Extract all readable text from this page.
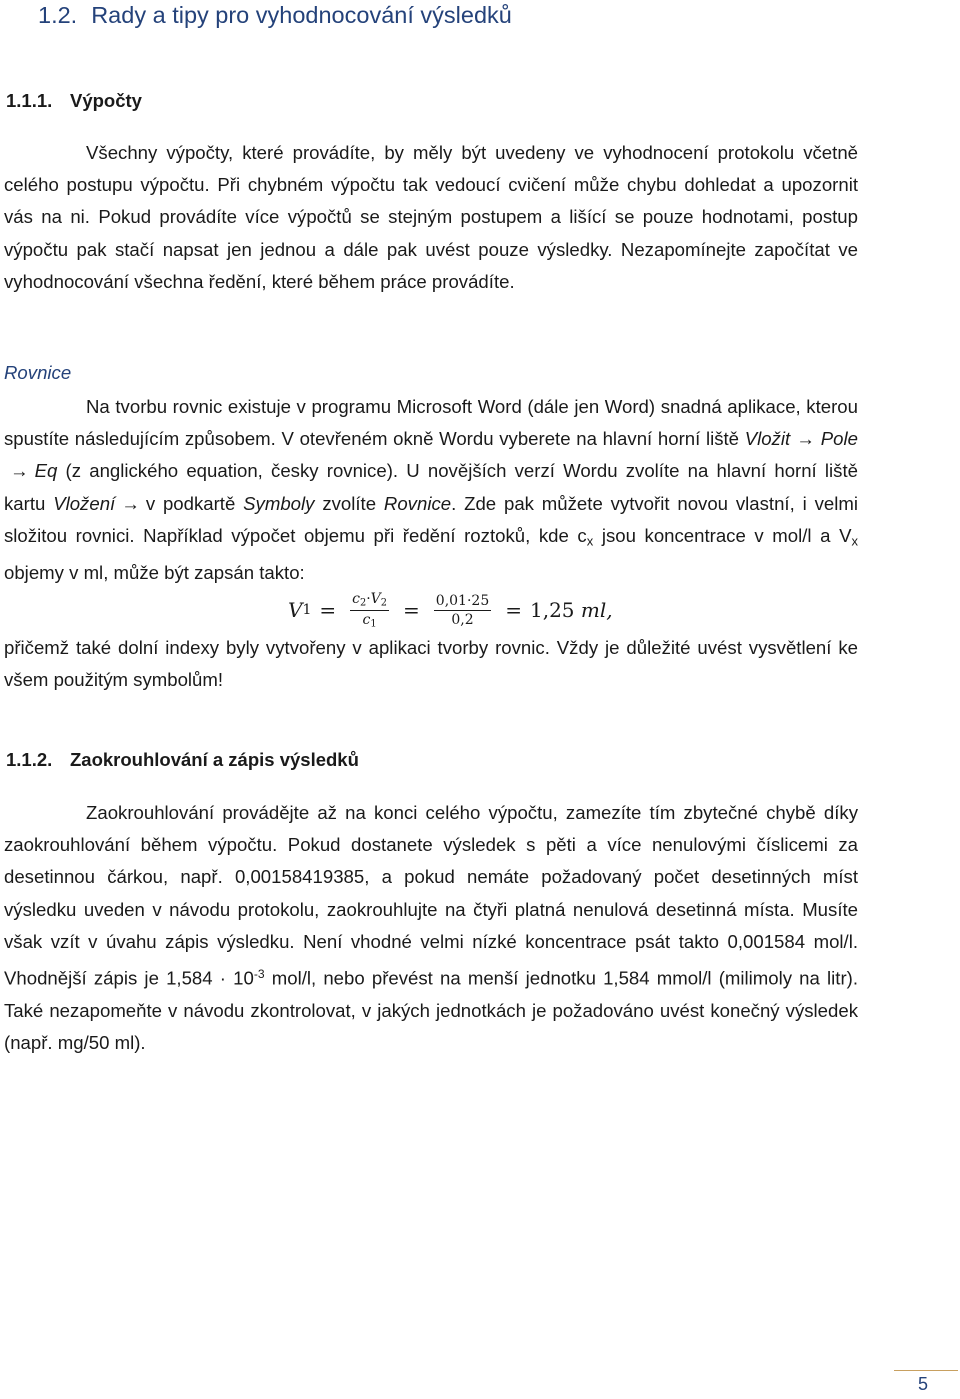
1.2. Rady a tipy pro vyhodnocování výsledků
1.1.1. Výpočty
Všechny výpočty, které provádíte, by měly být uvedeny ve vyhodnocení protokolu včetně celého postupu výpočtu. Při chybném výpočtu tak vedoucí cvičení může chybu dohledat a upozornit vás na ni. Pokud provádíte více výpočtů se stejným postupem a lišící se pouze hodnotami, postup výpočtu pak stačí napsat jen jednou a dále pak uvést pouze výsledky. Nezapomínejte započítat ve vyhodnocování všechna ředění, které během práce provádíte.
Rovnice
Na tvorbu rovnic existuje v programu Microsoft Word (dále jen Word) snadná aplikace, kterou spustíte následujícím způsobem. V otevřeném okně Wordu vyberete na hlavní horní liště Vložit → Pole→ Eq (z anglického equation, česky rovnice). U novějších verzí Wordu zvolíte na hlavní horní liště kartu Vložení → v podkartě Symboly zvolíte Rovnice. Zde pak můžete vytvořit novou vlastní, i velmi složitou rovnici. Například výpočet objemu při ředění roztoků, kde $c_x$ jsou koncentrace v mol/l a $V_x$ objemy v ml, může být zapsán takto:
V $1 = \frac{c_2\cdot V_2}{c_1} = \frac{0,01\cdot 25}{0,2} = 1,25$
ml,
přičemž také dolní indexy byly vytvořeny v aplikaci tvorby rovnic. Vždy je důležité uvést vysvětlení ke všem použitým symbolům!
1.1.2. Zaokrouhlování a zápis výsledků
Zaokrouhlování provádějte až na konci celého výpočtu, zamezíte tím zbytečné chybě díky zaokrouhlování během výpočtu. Pokud dostanete výsledek s pěti a více nenulovými číslicemi za desetinnou čárkou, např. 0,00158419385, a pokud nemáte požadovaný počet desetinných míst výsledku uveden v návodu protokolu, zaokrouhlujte na čtyři platná nenulová desetinná místa. Musíte však vzít v úvahu zápis výsledku. Není vhodné velmi nízké koncentrace psát takto 0,001584 mol/l. Vhodnější zápis je $1,584 \cdot 10^{-3}$ mol/l, nebo převést na menší jednotku 1,584 mmol/l (milimoly na litr). Také nezapomeňte v návodu zkontrolovat, v jakých jednotkách je požadováno uvést konečný výsledek (např. mg/50 ml).
5
